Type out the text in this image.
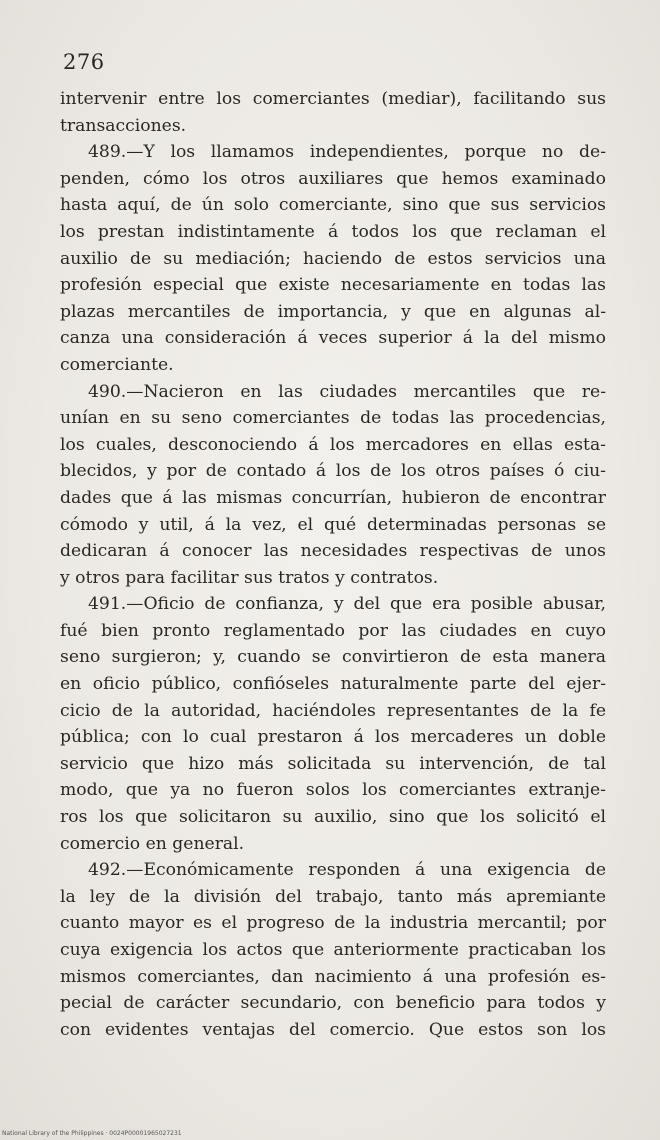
276
intervenir entre los comerciantes (mediar), facilitando sus
transacciones.
489.—Y los llamamos independientes, porque no de-
penden, cómo los otros auxiliares que hemos examinado
hasta aquí, de ún solo comerciante, sino que sus servicios
los prestan indistintamente á todos los que reclaman el
auxilio de su mediación; haciendo de estos servicios una
profesión especial que existe necesariamente en todas las
plazas mercantiles de importancia, y que en algunas al-
canza una consideración á veces superior á la del mismo
comerciante.
490.—Nacieron en las ciudades mercantiles que re-
unían en su seno comerciantes de todas las procedencias,
los cuales, desconociendo á los mercadores en ellas esta-
blecidos, y por de contado á los de los otros países ó ciu-
dades que á las mismas concurrían, hubieron de encontrar
cómodo y util, á la vez, el qué determinadas personas se
dedicaran á conocer las necesidades respectivas de unos
y otros para facilitar sus tratos y contratos.
491.—Oficio de confianza, y del que era posible abusar,
fué bien pronto reglamentado por las ciudades en cuyo
seno surgieron; y, cuando se convirtieron de esta manera
en oficio público, confióseles naturalmente parte del ejer-
cicio de la autoridad, haciéndoles representantes de la fe
pública; con lo cual prestaron á los mercaderes un doble
servicio que hizo más solicitada su intervención, de tal
modo, que ya no fueron solos los comerciantes extranje-
ros los que solicitaron su auxilio, sino que los solicitó el
comercio en general.
492.—Económicamente responden á una exigencia de
la ley de la división del trabajo, tanto más apremiante
cuanto mayor es el progreso de la industria mercantil; por
cuya exigencia los actos que anteriormente practicaban los
mismos comerciantes, dan nacimiento á una profesión es-
pecial de carácter secundario, con beneficio para todos y
con evidentes ventajas del comercio. Que estos son los
National Library of the Philippines · 0024P00001965027231
